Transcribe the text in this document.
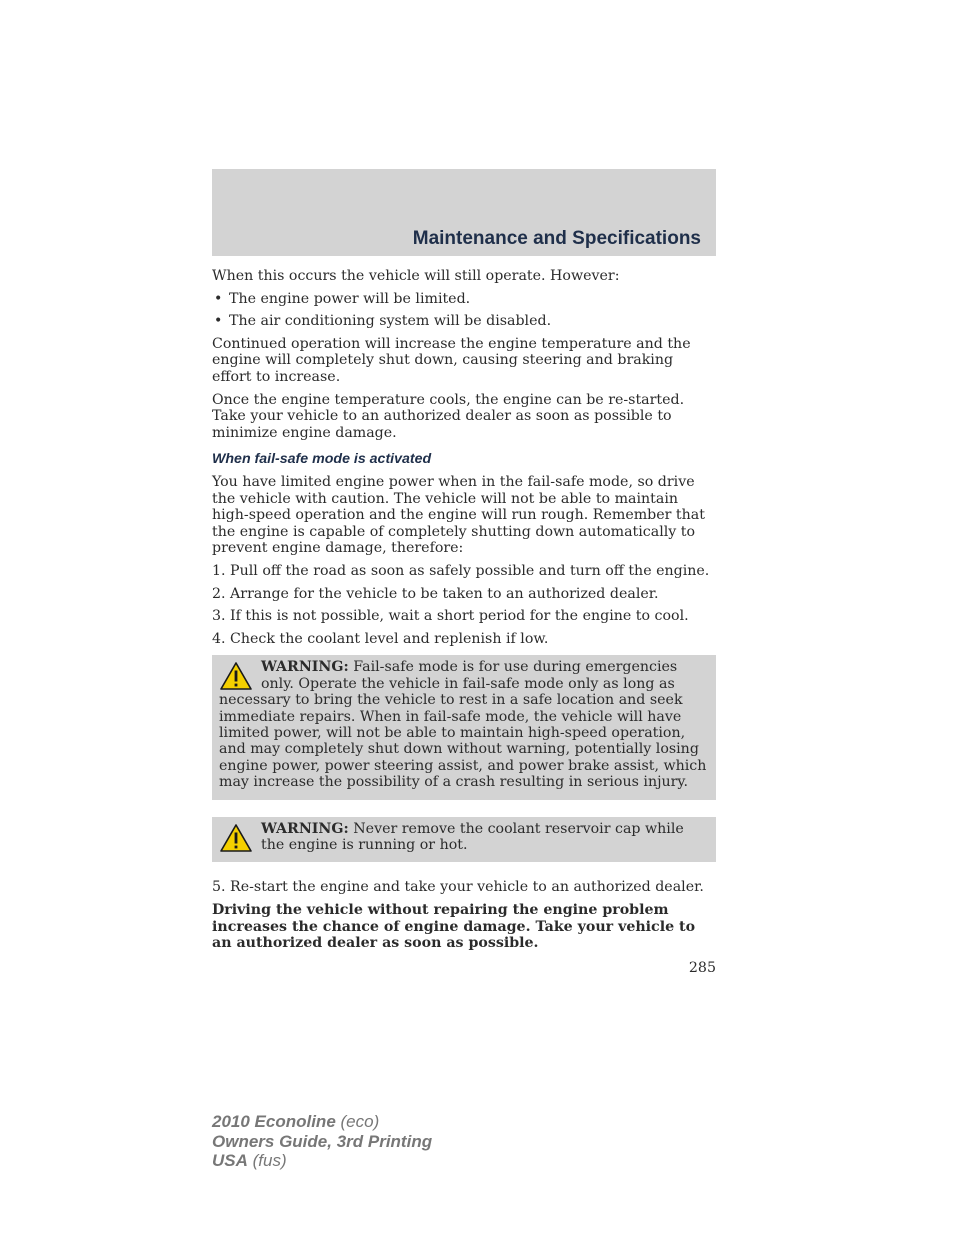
Maintenance and Specifications

When this occurs the vehicle will still operate. However:

• The engine power will be limited.
• The air conditioning system will be disabled.

Continued operation will increase the engine temperature and the engine will completely shut down, causing steering and braking effort to increase.

Once the engine temperature cools, the engine can be re-started. Take your vehicle to an authorized dealer as soon as possible to minimize engine damage.

When fail-safe mode is activated

You have limited engine power when in the fail-safe mode, so drive the vehicle with caution. The vehicle will not be able to maintain high-speed operation and the engine will run rough. Remember that the engine is capable of completely shutting down automatically to prevent engine damage, therefore:

1. Pull off the road as soon as safely possible and turn off the engine.
2. Arrange for the vehicle to be taken to an authorized dealer.
3. If this is not possible, wait a short period for the engine to cool.
4. Check the coolant level and replenish if low.
WARNING: Fail-safe mode is for use during emergencies only. Operate the vehicle in fail-safe mode only as long as necessary to bring the vehicle to rest in a safe location and seek immediate repairs. When in fail-safe mode, the vehicle will have limited power, will not be able to maintain high-speed operation, and may completely shut down without warning, potentially losing engine power, power steering assist, and power brake assist, which may increase the possibility of a crash resulting in serious injury.
WARNING: Never remove the coolant reservoir cap while the engine is running or hot.

5. Re-start the engine and take your vehicle to an authorized dealer.

Driving the vehicle without repairing the engine problem increases the chance of engine damage. Take your vehicle to an authorized dealer as soon as possible.

285

2010 Econoline (eco)
Owners Guide, 3rd Printing
USA (fus)
